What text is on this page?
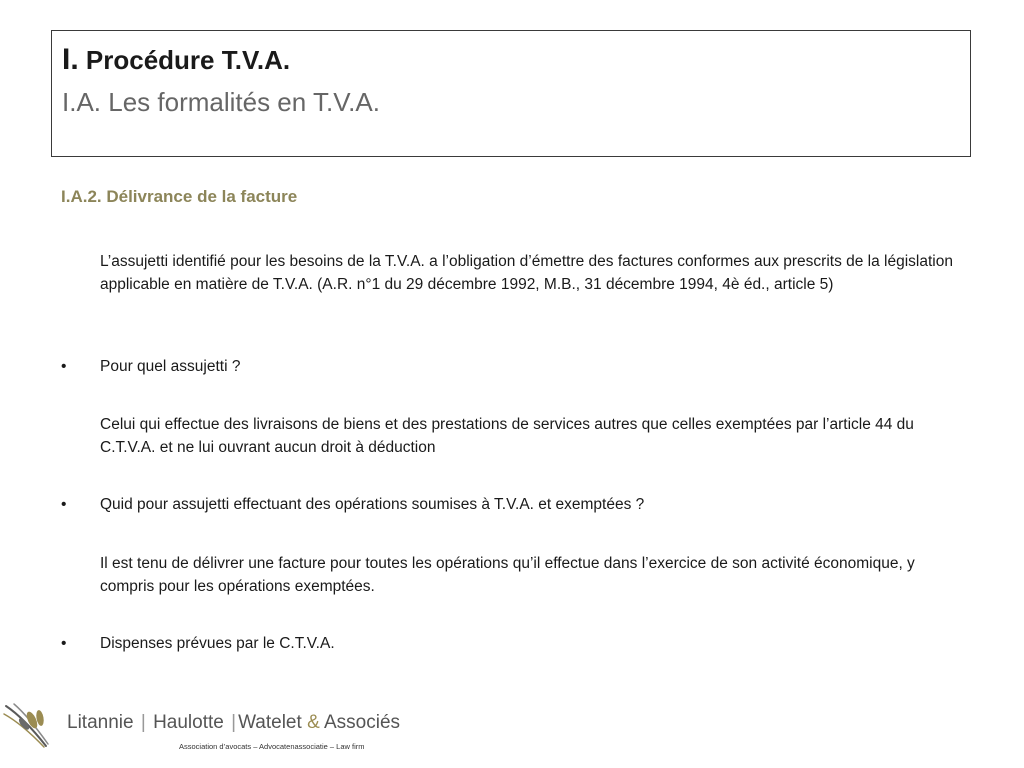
I. Procédure T.V.A.
I.A. Les formalités en T.V.A.
I.A.2. Délivrance de la facture
L’assujetti identifié pour les besoins de la T.V.A. a l’obligation d’émettre des factures conformes aux prescrits de la législation applicable en matière de T.V.A. (A.R. n°1 du 29 décembre 1992, M.B., 31 décembre 1994, 4è éd., article 5)
• Pour quel assujetti ?
Celui qui effectue des livraisons de biens et des prestations de services autres que celles exemptées par l’article 44 du C.T.V.A. et ne lui ouvrant aucun droit à déduction
• Quid pour assujetti effectuant des opérations soumises à T.V.A. et exemptées ?
Il est tenu de délivrer une facture pour toutes les opérations qu’il effectue dans l’exercice de son activité économique, y compris pour les opérations exemptées.
• Dispenses prévues par le C.T.V.A.
Litannie | Haulotte | Watelet & Associés
Association d’avocats – Advocatenassociatie – Law firm
